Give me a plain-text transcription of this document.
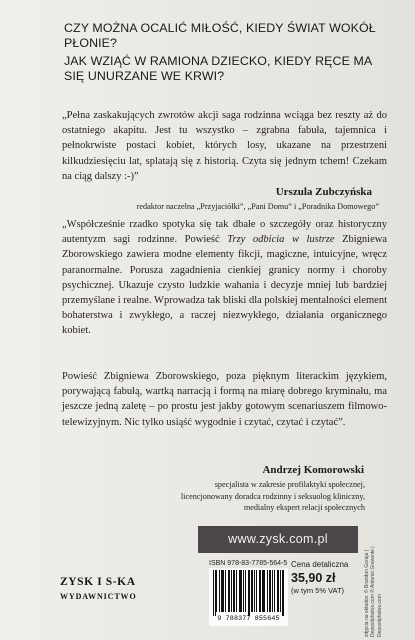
CZY MOŻNA OCALIĆ MIŁOŚĆ, KIEDY ŚWIAT WOKÓŁ PŁONIE?

JAK WZIĄĆ W RAMIONA DZIECKO, KIEDY RĘCE MA SIĘ UNURZANE WE KRWI?

„Pełna zaskakujących zwrotów akcji saga rodzinna wciąga bez reszty aż do ostatniego akapitu. Jest tu wszystko – zgrabna fabuła, tajemnica i pełnokrwiste postaci kobiet, których losy, ukazane na przestrzeni kilkudziesięciu lat, splatają się z historią. Czyta się jednym tchem! Czekam na ciąg dalszy :-)”
Urszula Zubczyńska
redaktor naczelna „Przyjaciółki”, „Pani Domu” i „Poradnika Domowego”
„Współcześnie rzadko spotyka się tak dbałe o szczegóły oraz historyczny autentyzm sagi rodzinne. Powieść Trzy odbicia w lustrze Zbigniewa Zborowskiego zawiera modne elementy fikcji, magiczne, intuicyjne, wręcz paranormalne. Porusza zagadnienia cienkiej granicy normy i choroby psychicznej. Ukazuje czysto ludzkie wahania i decyzje mniej lub bardziej przemyślane i realne. Wprowadza tak bliski dla polskiej mentalności element bohaterstwa i zwykłego, a raczej niezwykłego, działania organicznego kobiet.
Powieść Zbigniewa Zborowskiego, poza pięknym literackim językiem, porywającą fabułą, wartką narracją i formą na miarę dobrego kryminału, ma jeszcze jedną zaletę – po prostu jest jakby gotowym scenariuszem filmowo-telewizyjnym. Nic tylko usiąść wygodnie i czytać, czytać i czytać”.
Andrzej Komorowski
specjalista w zakresie profilaktyki społecznej,
licencjonowany doradca rodzinny i seksuolog kliniczny,
medialny ekspert relacji społecznych
www.zysk.com.pl
ISBN 978-83-7785-564-5
9 788377 855645
Cena detaliczna
35,90 zł
(w tym 5% VAT)
ZYSK I S-KA
WYDAWNICTWO	zdjęcia na okładce: © Brandon Goraja | Depositphotos.com © Antonio Gravante | Depositphotos.com
